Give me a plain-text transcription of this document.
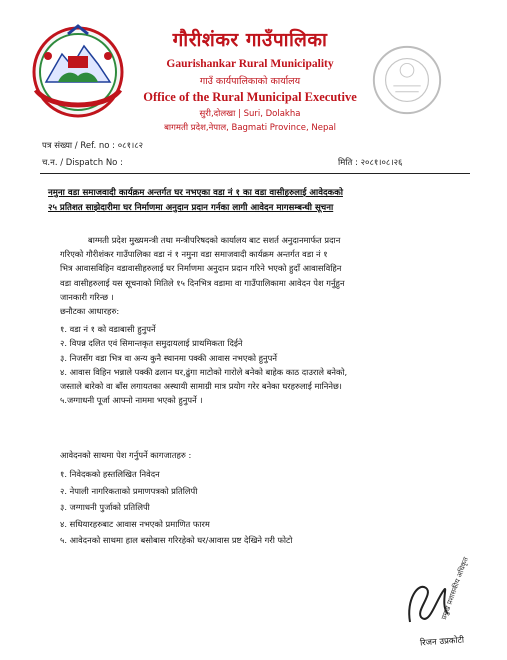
गौरीशंकर गाउँपालिका
Gaurishankar Rural Municipality
गाउँ कार्यपालिकाको कार्यालय
Office of the Rural Municipal Executive
सुरी,दोलखा | Suri, Dolakha
बागमती प्रदेश,नेपाल, Bagmati Province, Nepal
पत्र संख्या / Ref. no : ०८१।८२
च.न. / Dispatch No :	मिति : २०८१।०८।२६
नमुना वडा समाजवादी कार्यक्रम अन्तर्गत घर नभएका वडा नं १ का वडा वासीहरुलाई आवेदकको
२५ प्रतिशत साझेदारीमा घर निर्माणमा अनुदान प्रदान गर्नका लागी आवेदन मागसम्बन्धी सूचना
बाग्मती प्रदेश मुख्यमन्त्री तथा मन्त्रीपरिषदको कार्यालय बाट सशर्त अनुदानमार्फत प्रदान
गरिएको गौरीशंकर गाउँपालिका वडा नं १ नमुना वडा समाजवादी कार्यक्रम अन्तर्गत वडा नं १
भित्र आवासविहिन वडावासीहरुलाई घर निर्माणमा अनुदान प्रदान गरिने भएको हुदाँ आवासविहिन
वडा वासीहरुलाई यस सूचनाको मितिले १५ दिनभित्र वडामा वा गाउँपालिकामा आवेदन पेश गर्नुहुन
जानकारी गरिन्छ ।
छनौटका आधारहरु:
१. वडा नं १ को वडाबासी हुनुपर्ने
२. विपन्न दलित एवं सिमान्तकृत समुदायलाई प्राथमिकता दिईने
३. निजसँग वडा भित्र वा अन्य कुनै स्थानमा पक्की आवास नभएको हुनुपर्ने
४. आवास विहिन भन्नाले पक्की ढलान घर,ढुंगा माटोको गारोले बनेको बाहेक काठ दाउराले बनेको,
जस्ताले बारेको वा बाँस लगायतका अस्थायी सामाग्री मात्र प्रयोग गरेर बनेका घरहरुलाई मानिनेछ।
५.जग्गाधनी पूर्जा आफ्नो नाममा भएको हुनुपर्ने ।
आवेदनको साथमा पेश गर्नुपर्ने कागजातहरु :
१. निवेदकको हस्तलिखित निवेदन
२. नेपाली नागरिकताको प्रमाणपत्रको प्रतिलिपी
३. जग्गाधनी पुर्जाको प्रतिलिपी
४. सधियारहरुबाट आवास नभएको प्रमाणित फारम
५. आवेदनको साथमा हाल बसोबास गरिरहेको घर/आवास प्रष्ट देखिने गरी फोटो
रिजन उप्रकोटी
प्रमुख प्रशासकीय अधिकृत
